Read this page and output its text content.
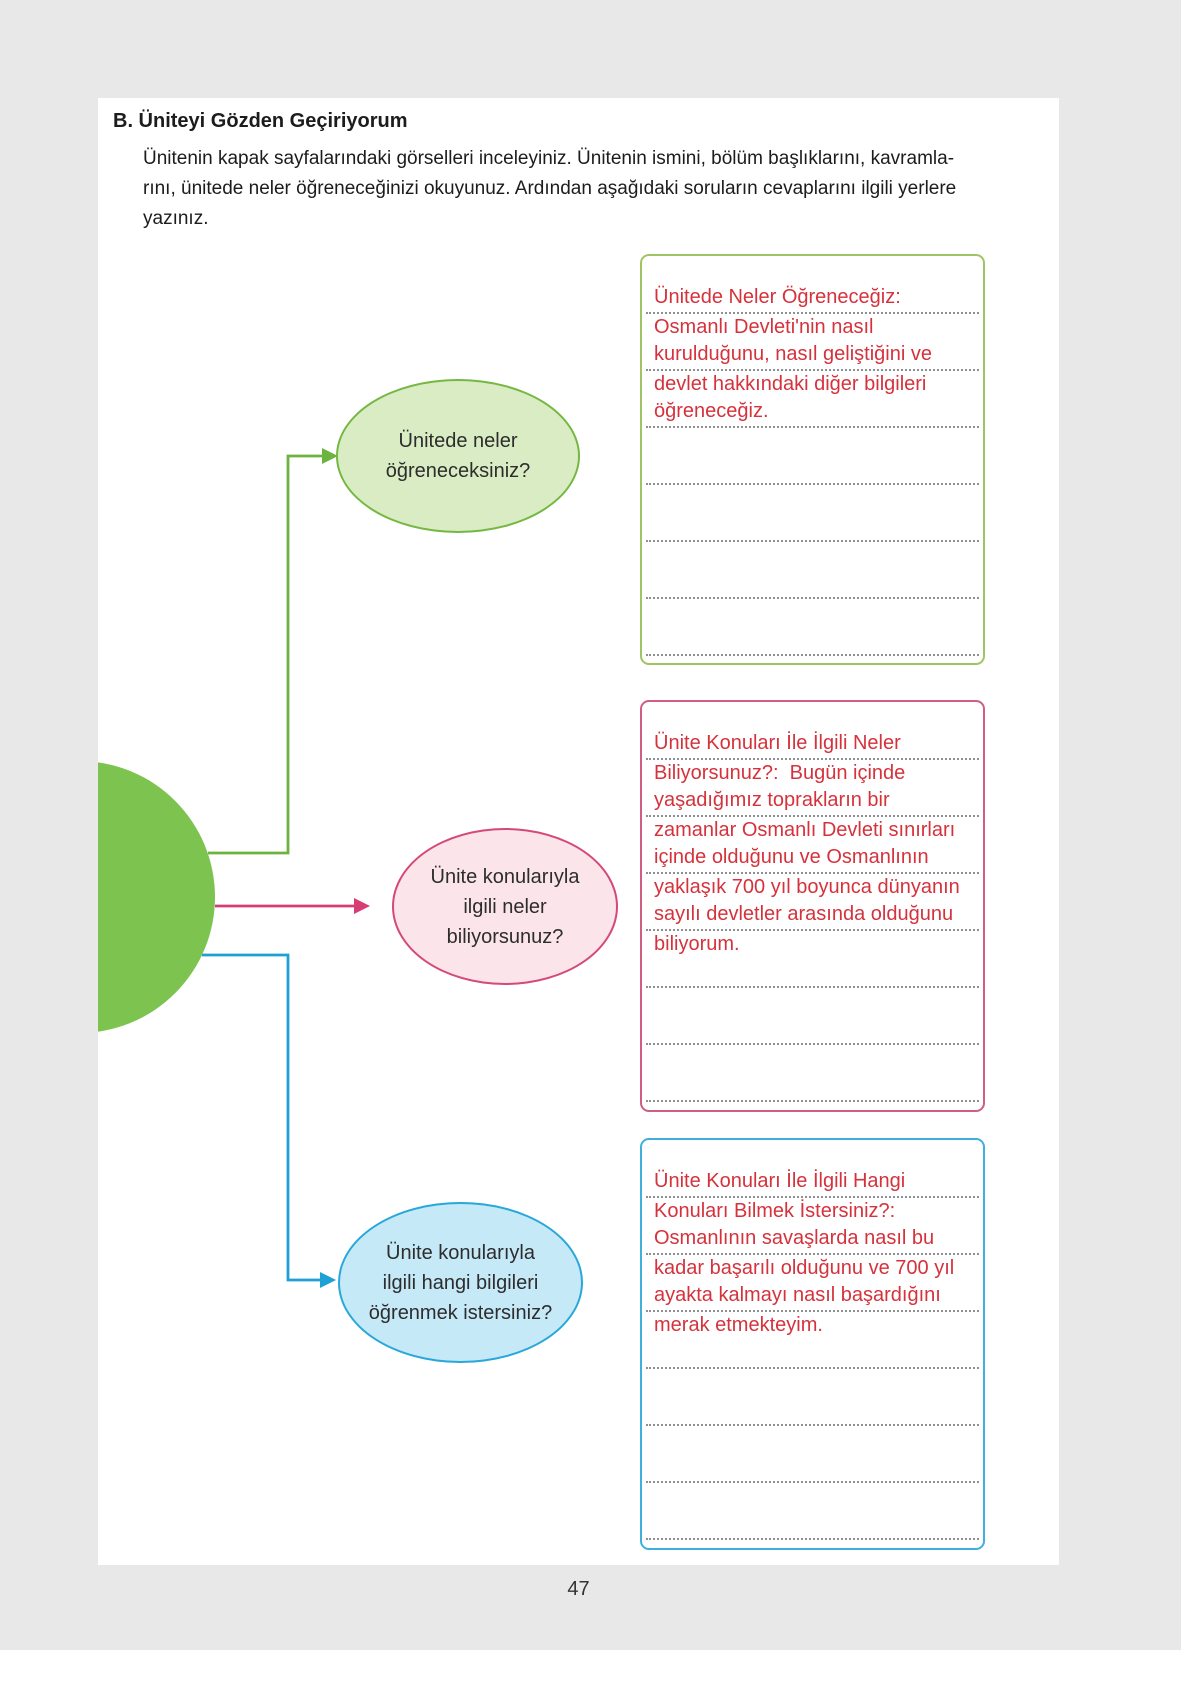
B. Üniteyi Gözden Geçiriyorum
Ünitenin kapak sayfalarındaki görselleri inceleyiniz. Ünitenin ismini, bölüm başlıklarını, kavramla-
rını, ünitede neler öğreneceğinizi okuyunuz. Ardından aşağıdaki soruların cevaplarını ilgili yerlere
yazınız.
Ünitede neler
öğreneceksiniz?
Ünite konularıyla
ilgili neler
biliyorsunuz?
Ünite konularıyla
ilgili hangi bilgileri
öğrenmek istersiniz?
Ünitede Neler Öğreneceğiz:
Osmanlı Devleti'nin nasıl
kurulduğunu, nasıl geliştiğini ve
devlet hakkındaki diğer bilgileri
öğreneceğiz.
Ünite Konuları İle İlgili Neler
Biliyorsunuz?:  Bugün içinde
yaşadığımız toprakların bir
zamanlar Osmanlı Devleti sınırları
içinde olduğunu ve Osmanlının
yaklaşık 700 yıl boyunca dünyanın
sayılı devletler arasında olduğunu
biliyorum.
Ünite Konuları İle İlgili Hangi
Konuları Bilmek İstersiniz?:
Osmanlının savaşlarda nasıl bu
kadar başarılı olduğunu ve 700 yıl
ayakta kalmayı nasıl başardığını
merak etmekteyim.
47
